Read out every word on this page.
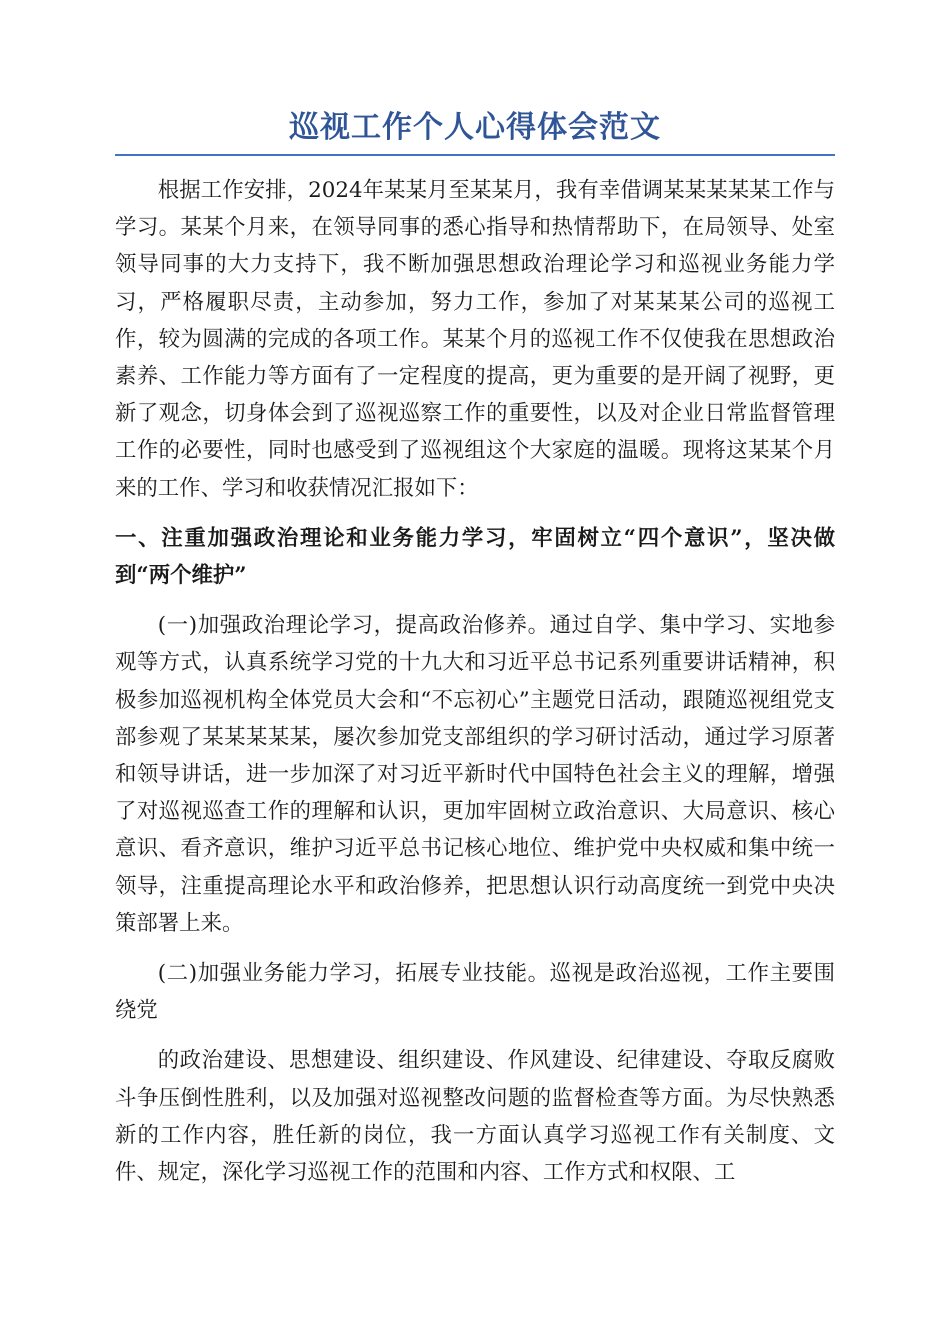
巡视工作个人心得体会范文

根据工作安排，2024年某某月至某某月，我有幸借调某某某某某工作与学习。某某个月来，在领导同事的悉心指导和热情帮助下，在局领导、处室领导同事的大力支持下，我不断加强思想政治理论学习和巡视业务能力学习，严格履职尽责，主动参加，努力工作，参加了对某某某公司的巡视工作，较为圆满的完成的各项工作。某某个月的巡视工作不仅使我在思想政治素养、工作能力等方面有了一定程度的提高，更为重要的是开阔了视野，更新了观念，切身体会到了巡视巡察工作的重要性，以及对企业日常监督管理工作的必要性，同时也感受到了巡视组这个大家庭的温暖。现将这某某个月来的工作、学习和收获情况汇报如下：

一、注重加强政治理论和业务能力学习，牢固树立“四个意识”，坚决做到“两个维护”

(一)加强政治理论学习，提高政治修养。通过自学、集中学习、实地参观等方式，认真系统学习党的十九大和习近平总书记系列重要讲话精神，积极参加巡视机构全体党员大会和“不忘初心”主题党日活动，跟随巡视组党支部参观了某某某某某，屡次参加党支部组织的学习研讨活动，通过学习原著和领导讲话，进一步加深了对习近平新时代中国特色社会主义的理解，增强了对巡视巡查工作的理解和认识，更加牢固树立政治意识、大局意识、核心意识、看齐意识，维护习近平总书记核心地位、维护党中央权威和集中统一领导，注重提高理论水平和政治修养，把思想认识行动高度统一到党中央决策部署上来。

(二)加强业务能力学习，拓展专业技能。巡视是政治巡视，工作主要围绕党

的政治建设、思想建设、组织建设、作风建设、纪律建设、夺取反腐败斗争压倒性胜利，以及加强对巡视整改问题的监督检查等方面。为尽快熟悉新的工作内容，胜任新的岗位，我一方面认真学习巡视工作有关制度、文件、规定，深化学习巡视工作的范围和内容、工作方式和权限、工
